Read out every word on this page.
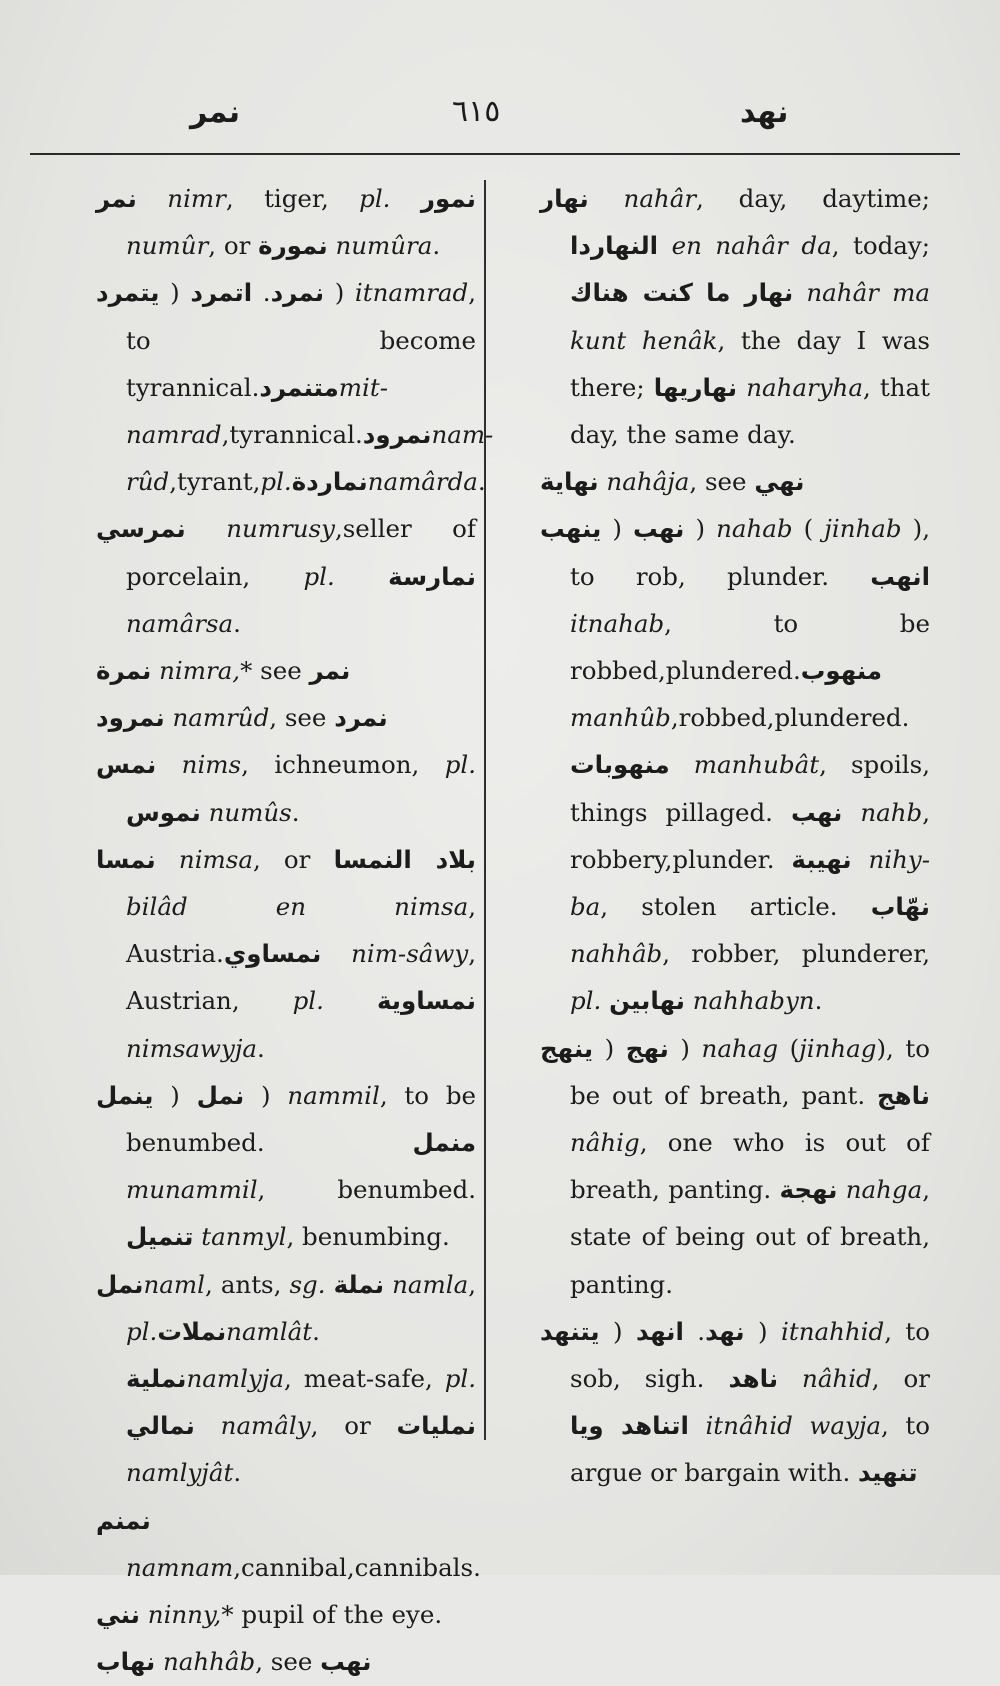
نمر	٦١٥	نهد

نمر nimr, tiger, pl. نمور numûr, or نمورة numûra.

نمرد. اتمرد ( يتمرد	) itnamrad, to become tyrannical.متنمردmit-namrad,tyrannical.نمرودnam-rûd,tyrant,pl.نماردةnamârda.

نمرسي numrusy,seller of porcelain, pl. نمارسة namârsa.

نمرة nimra,* see نمر

نمرود namrûd, see نمرد

نمس nims, ichneumon, pl. نموس numûs.

نمسا nimsa, or بلاد النمسا bilâd en nimsa, Austria.نمساوي nim-sâwy, Austrian, pl. نمساوية nimsawyja.

نمل ( ينمل	) nammil, to be benumbed. منمل munammil, benumbed. تنميل tanmyl, benumbing.

نملnaml, ants, sg. نملة namla, pl.نملاتnamlât. نمليةnamlyja, meat-safe, pl. نمالي namâly, or نمليات namlyjât.

نمنم namnam,cannibal,cannibals.

نني ninny,* pupil of the eye.

نهاب nahhâb, see نهب

نهار nahâr, day, daytime; النهاردا en nahâr da, today; نهار ما كنت هناك	nahâr ma kunt henâk, the day I was there; نهاريها naharyha, that day, the same day.

نهاية nahâja, see نهي

نهب ( ينهب	) nahab ( jinhab ), to rob, plunder. انهب itnahab, to be robbed,plundered.منهوب manhûb,robbed,plundered. منهوبات manhubât, spoils, things pillaged. نهب nahb, robbery,plunder. نهيبة nihy-ba, stolen article. نهّاب nahhâb, robber, plunderer, pl. نهابين nahhabyn.

نهج ( ينهج	) nahag (jinhag), to be out of breath, pant. ناهج nâhig, one who is out of breath, panting. نهجة nahga, state of being out of breath, panting.

نهد. انهد ( يتنهد	) itnahhid, to sob, sigh. ناهد nâhid, or اتناهد ويا itnâhid wayja, to argue or bargain with. تنهيد
